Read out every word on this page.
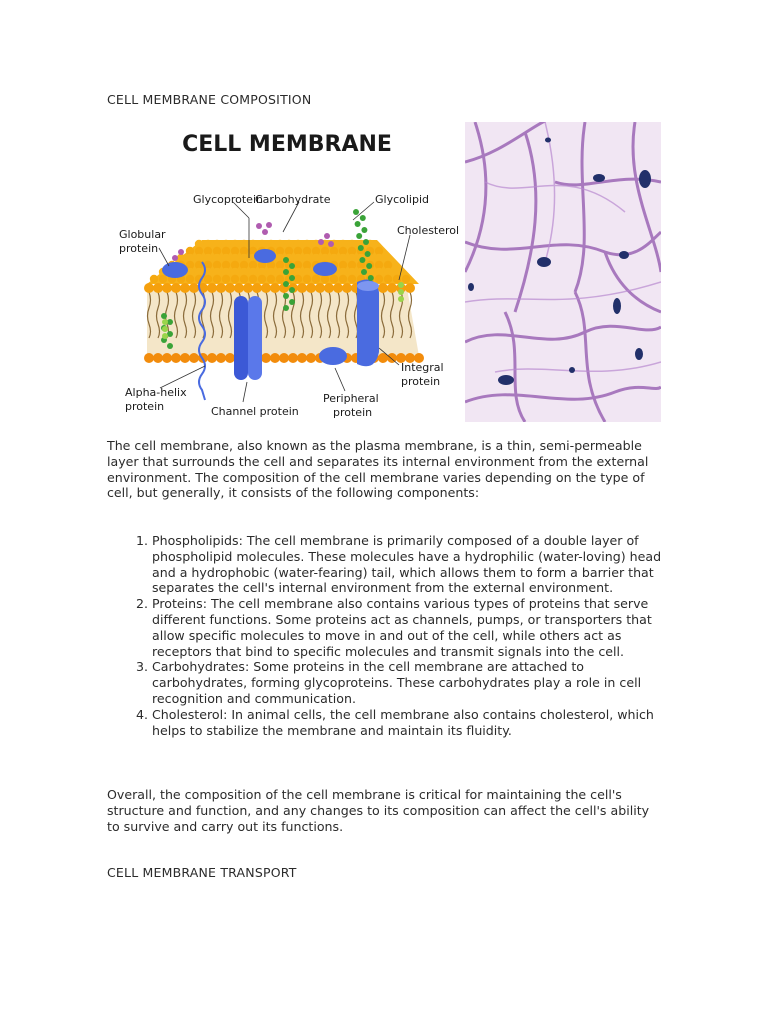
CELL MEMBRANE COMPOSITION
CELL MEMBRANE
Glycoprotein
Carbohydrate	Glycolipid
Globular
protein
Cholesterol
Integral
protein
Alpha-helix
protein	Channel protein
Peripheral
protein

The cell membrane, also known as the plasma membrane, is a thin, semi-permeable layer that surrounds the cell and separates its internal environment from the external environment. The composition of the cell membrane varies depending on the type of cell, but generally, it consists of the following components:

1. Phospholipids: The cell membrane is primarily composed of a double layer of phospholipid molecules. These molecules have a hydrophilic (water-loving) head and a hydrophobic (water-fearing) tail, which allows them to form a barrier that separates the cell's internal environment from the external environment.
2. Proteins: The cell membrane also contains various types of proteins that serve different functions. Some proteins act as channels, pumps, or transporters that allow specific molecules to move in and out of the cell, while others act as receptors that bind to specific molecules and transmit signals into the cell.
3. Carbohydrates: Some proteins in the cell membrane are attached to carbohydrates, forming glycoproteins. These carbohydrates play a role in cell recognition and communication.
4. Cholesterol: In animal cells, the cell membrane also contains cholesterol, which helps to stabilize the membrane and maintain its fluidity.

Overall, the composition of the cell membrane is critical for maintaining the cell's structure and function, and any changes to its composition can affect the cell's ability to survive and carry out its functions.

CELL MEMBRANE TRANSPORT
